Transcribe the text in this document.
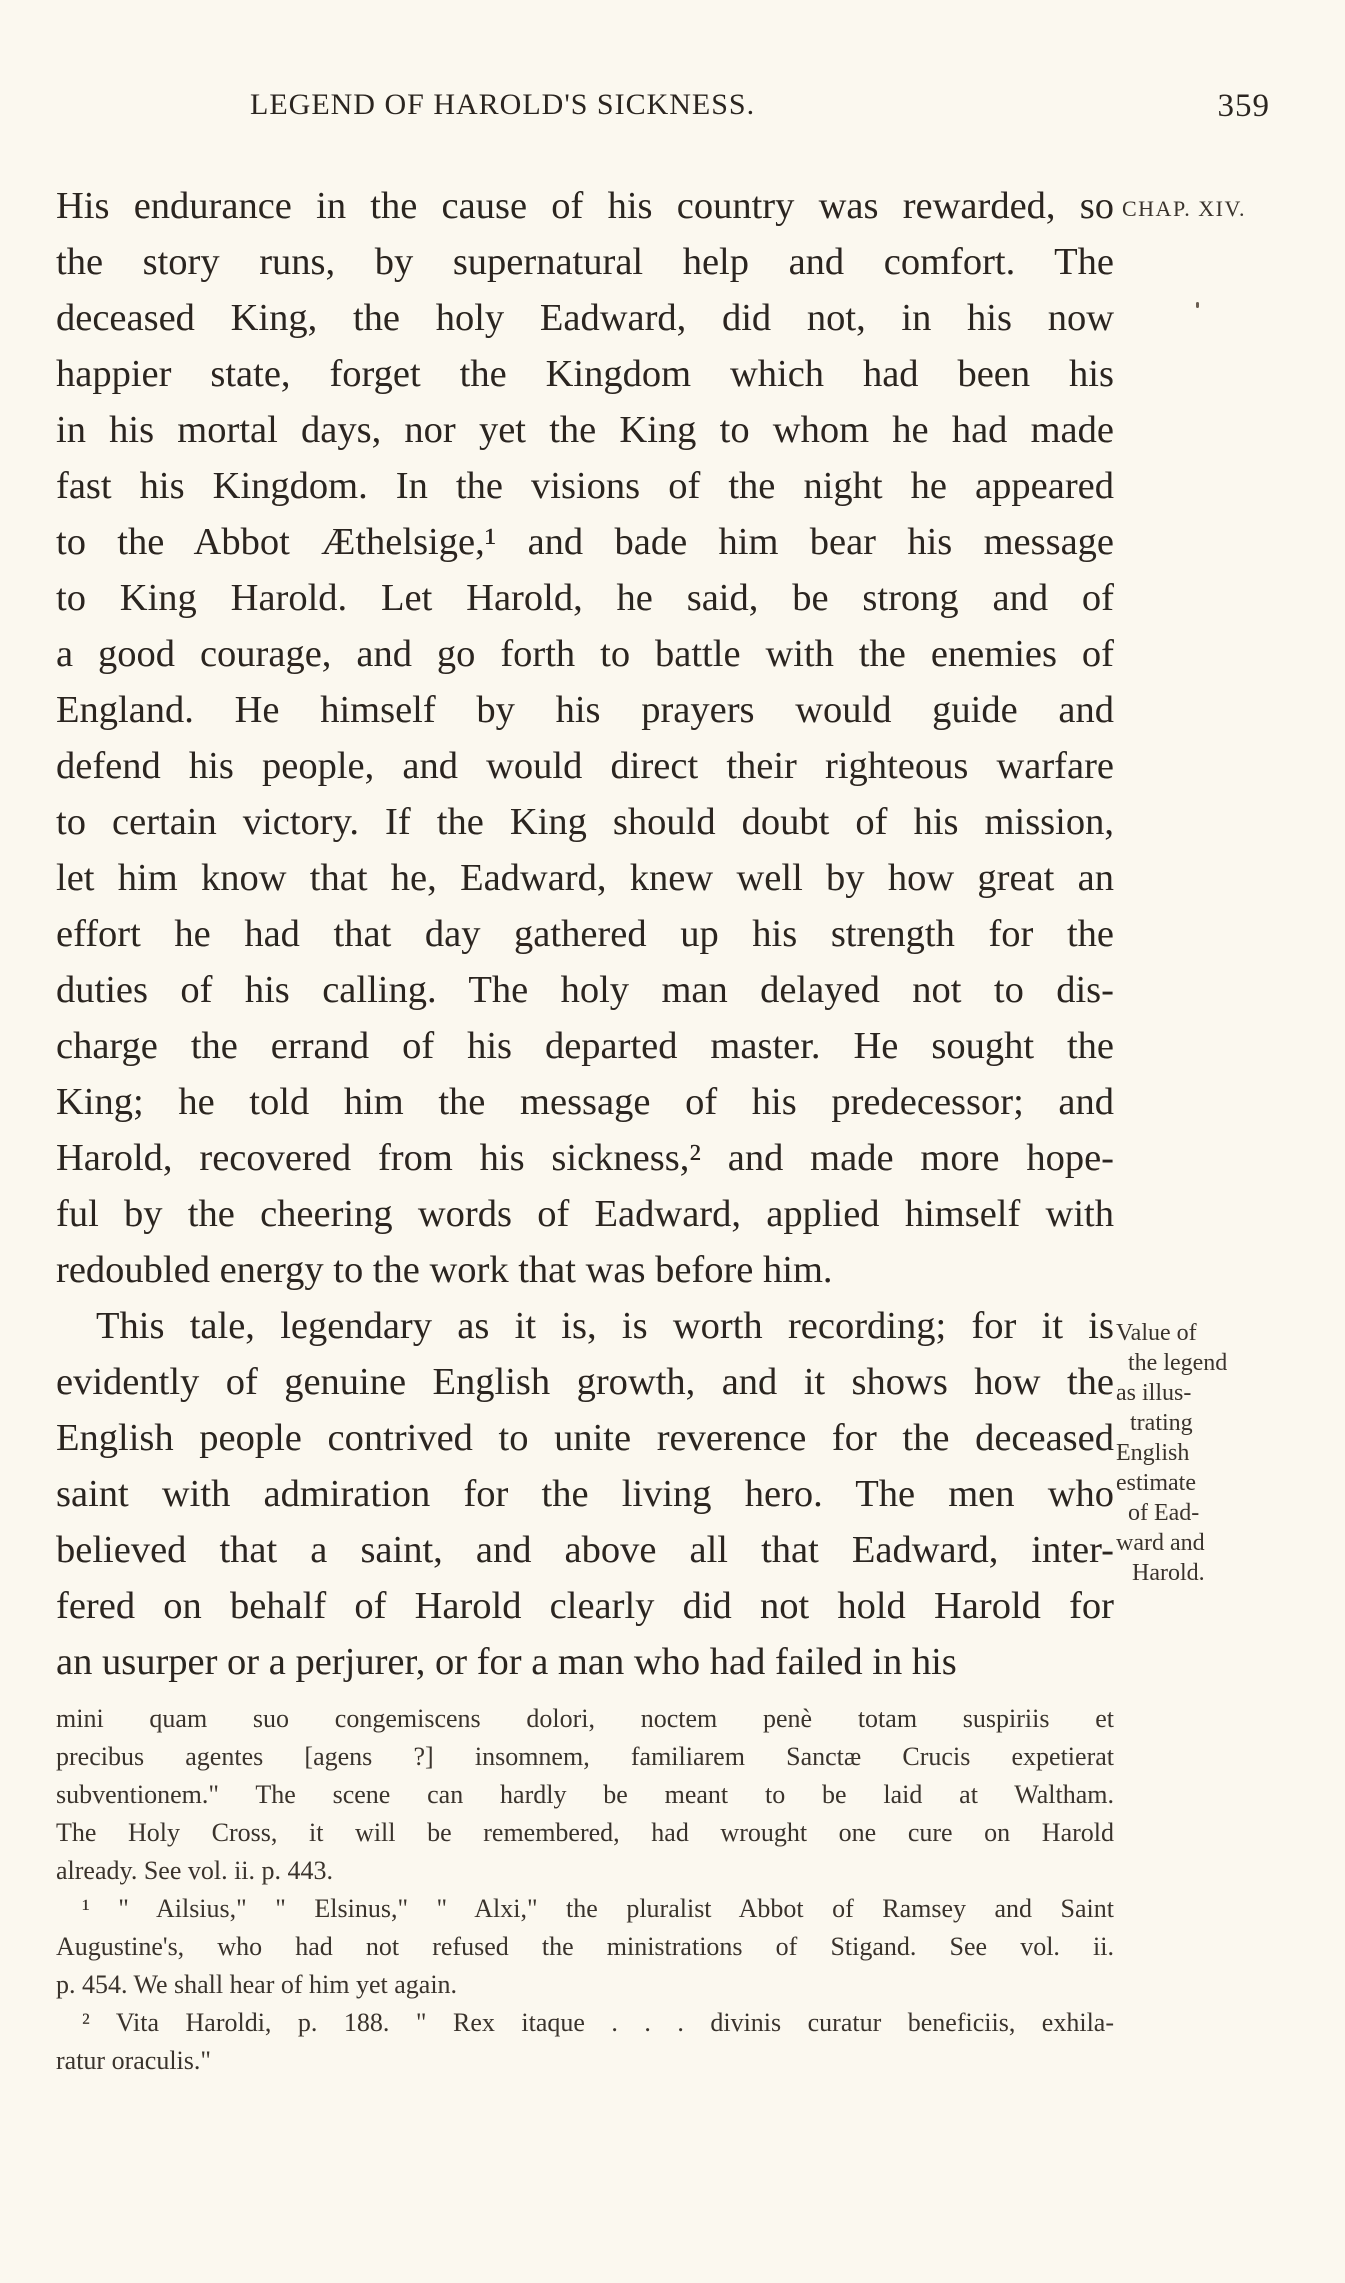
LEGEND OF HAROLD'S SICKNESS.	359
CHAP. XIV.

His endurance in the cause of his country was rewarded, so
the story runs, by supernatural help and comfort. The
deceased King, the holy Eadward, did not, in his now
happier state, forget the Kingdom which had been his
in his mortal days, nor yet the King to whom he had made
fast his Kingdom. In the visions of the night he appeared
to the Abbot Æthelsige,¹ and bade him bear his message
to King Harold. Let Harold, he said, be strong and of
a good courage, and go forth to battle with the enemies of
England. He himself by his prayers would guide and
defend his people, and would direct their righteous warfare
to certain victory. If the King should doubt of his mission,
let him know that he, Eadward, knew well by how great an
effort he had that day gathered up his strength for the
duties of his calling. The holy man delayed not to dis-
charge the errand of his departed master. He sought the
King; he told him the message of his predecessor; and
Harold, recovered from his sickness,² and made more hope-
ful by the cheering words of Eadward, applied himself with
redoubled energy to the work that was before him.

This tale, legendary as it is, is worth recording; for it is
evidently of genuine English growth, and it shows how the
English people contrived to unite reverence for the deceased
saint with admiration for the living hero. The men who
believed that a saint, and above all that Eadward, inter-
fered on behalf of Harold clearly did not hold Harold for
an usurper or a perjurer, or for a man who had failed in his

Value of
the legend
as illus-
trating
English
estimate
of Ead-
ward and
Harold.
mini quam suo congemiscens dolori, noctem penè totam suspiriis et
precibus agentes [agens ?] insomnem, familiarem Sanctæ Crucis expetierat
subventionem." The scene can hardly be meant to be laid at Waltham.
The Holy Cross, it will be remembered, had wrought one cure on Harold
already. See vol. ii. p. 443.
¹ " Ailsius," " Elsinus," " Alxi," the pluralist Abbot of Ramsey and Saint
Augustine's, who had not refused the ministrations of Stigand. See vol. ii.
p. 454. We shall hear of him yet again.
² Vita Haroldi, p. 188. " Rex itaque . . . divinis curatur beneficiis, exhila-
ratur oraculis."
